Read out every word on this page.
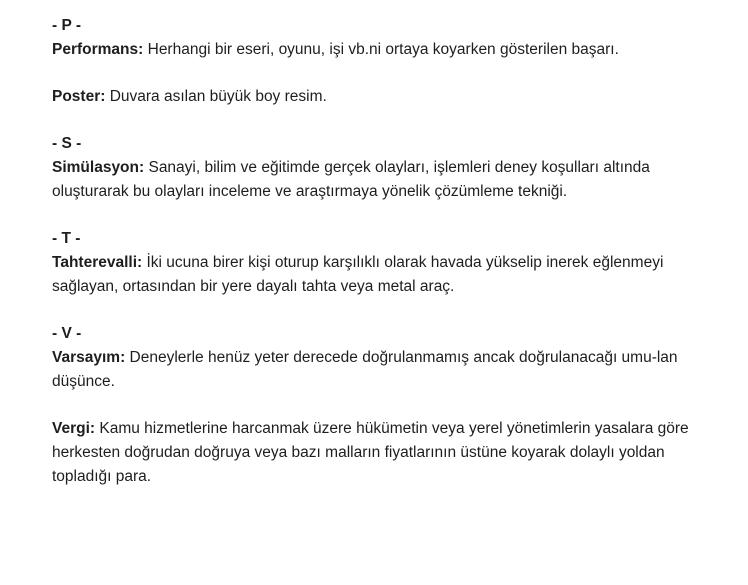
- P -

Performans: Herhangi bir eseri, oyunu, işi vb.ni ortaya koyarken gösterilen başarı.

Poster: Duvara asılan büyük boy resim.

- S -

Simülasyon: Sanayi, bilim ve eğitimde gerçek olayları, işlemleri deney koşulları altında oluşturarak bu olayları inceleme ve araştırmaya yönelik çözümleme tekniği.

- T -

Tahterevalli: İki ucuna birer kişi oturup karşılıklı olarak havada yükselip inerek eğlenmeyi sağlayan, ortasından bir yere dayalı tahta veya metal araç.

- V -

Varsayım: Deneylerle henüz yeter derecede doğrulanmamış ancak doğrulanacağı umu-lan düşünce.

Vergi: Kamu hizmetlerine harcanmak üzere hükümetin veya yerel yönetimlerin yasalara göre herkesten doğrudan doğruya veya bazı malların fiyatlarının üstüne koyarak dolaylı yoldan topladığı para.
